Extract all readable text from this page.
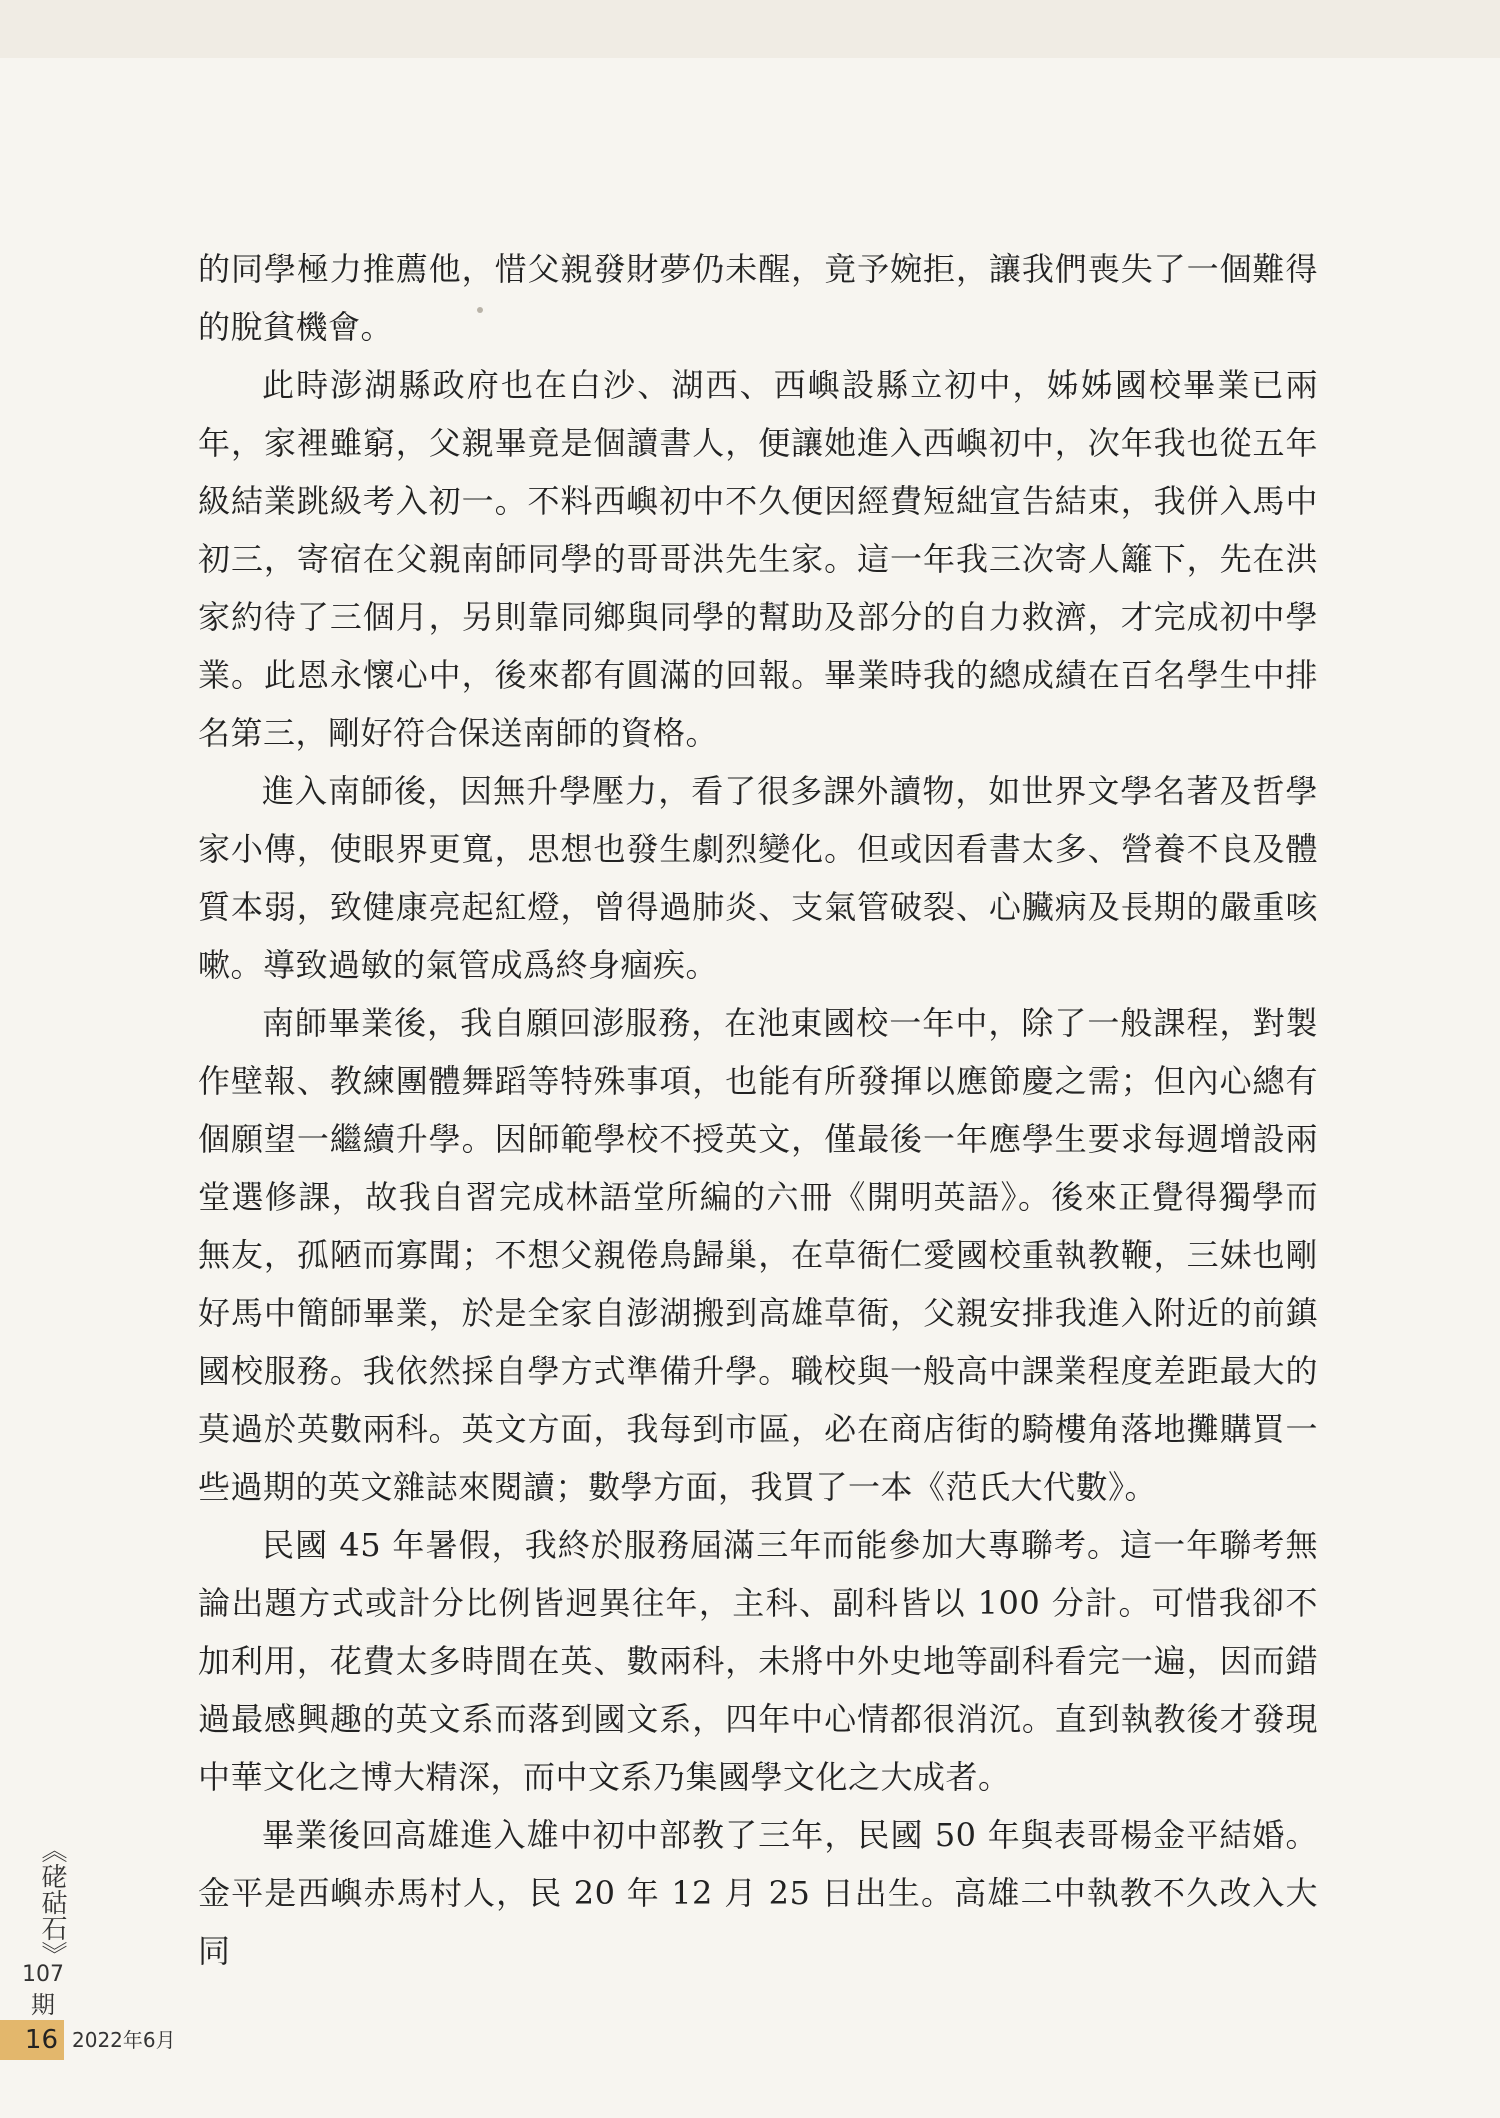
的同學極力推薦他，惜父親發財夢仍未醒，竟予婉拒，讓我們喪失了一個難得的脫貧機會。

此時澎湖縣政府也在白沙、湖西、西嶼設縣立初中，姊姊國校畢業已兩年，家裡雖窮，父親畢竟是個讀書人，便讓她進入西嶼初中，次年我也從五年級結業跳級考入初一。不料西嶼初中不久便因經費短絀宣告結束，我併入馬中初三，寄宿在父親南師同學的哥哥洪先生家。這一年我三次寄人籬下，先在洪家約待了三個月，另則靠同鄉與同學的幫助及部分的自力救濟，才完成初中學業。此恩永懷心中，後來都有圓滿的回報。畢業時我的總成績在百名學生中排名第三，剛好符合保送南師的資格。

進入南師後，因無升學壓力，看了很多課外讀物，如世界文學名著及哲學家小傳，使眼界更寬，思想也發生劇烈變化。但或因看書太多、營養不良及體質本弱，致健康亮起紅燈，曾得過肺炎、支氣管破裂、心臟病及長期的嚴重咳嗽。導致過敏的氣管成爲終身痼疾。

南師畢業後，我自願回澎服務，在池東國校一年中，除了一般課程，對製作壁報、教練團體舞蹈等特殊事項，也能有所發揮以應節慶之需；但內心總有個願望一繼續升學。因師範學校不授英文，僅最後一年應學生要求每週增設兩堂選修課，故我自習完成林語堂所編的六冊《開明英語》。後來正覺得獨學而無友，孤陋而寡聞；不想父親倦鳥歸巢，在草衙仁愛國校重執教鞭，三妹也剛好馬中簡師畢業，於是全家自澎湖搬到高雄草衙，父親安排我進入附近的前鎮國校服務。我依然採自學方式準備升學。職校與一般高中課業程度差距最大的莫過於英數兩科。英文方面，我每到市區，必在商店街的騎樓角落地攤購買一些過期的英文雜誌來閱讀；數學方面，我買了一本《范氏大代數》。

民國 45 年暑假，我終於服務屆滿三年而能參加大專聯考。這一年聯考無論出題方式或計分比例皆迥異往年，主科、副科皆以 100 分計。可惜我卻不加利用，花費太多時間在英、數兩科，未將中外史地等副科看完一遍，因而錯過最感興趣的英文系而落到國文系，四年中心情都很消沉。直到執教後才發現中華文化之博大精深，而中文系乃集國學文化之大成者。

畢業後回高雄進入雄中初中部教了三年，民國 50 年與表哥楊金平結婚。金平是西嶼赤馬村人，民 20 年 12 月 25 日出生。高雄二中執教不久改入大同

《硓𥑮石》
107
期
16 2022年6月
